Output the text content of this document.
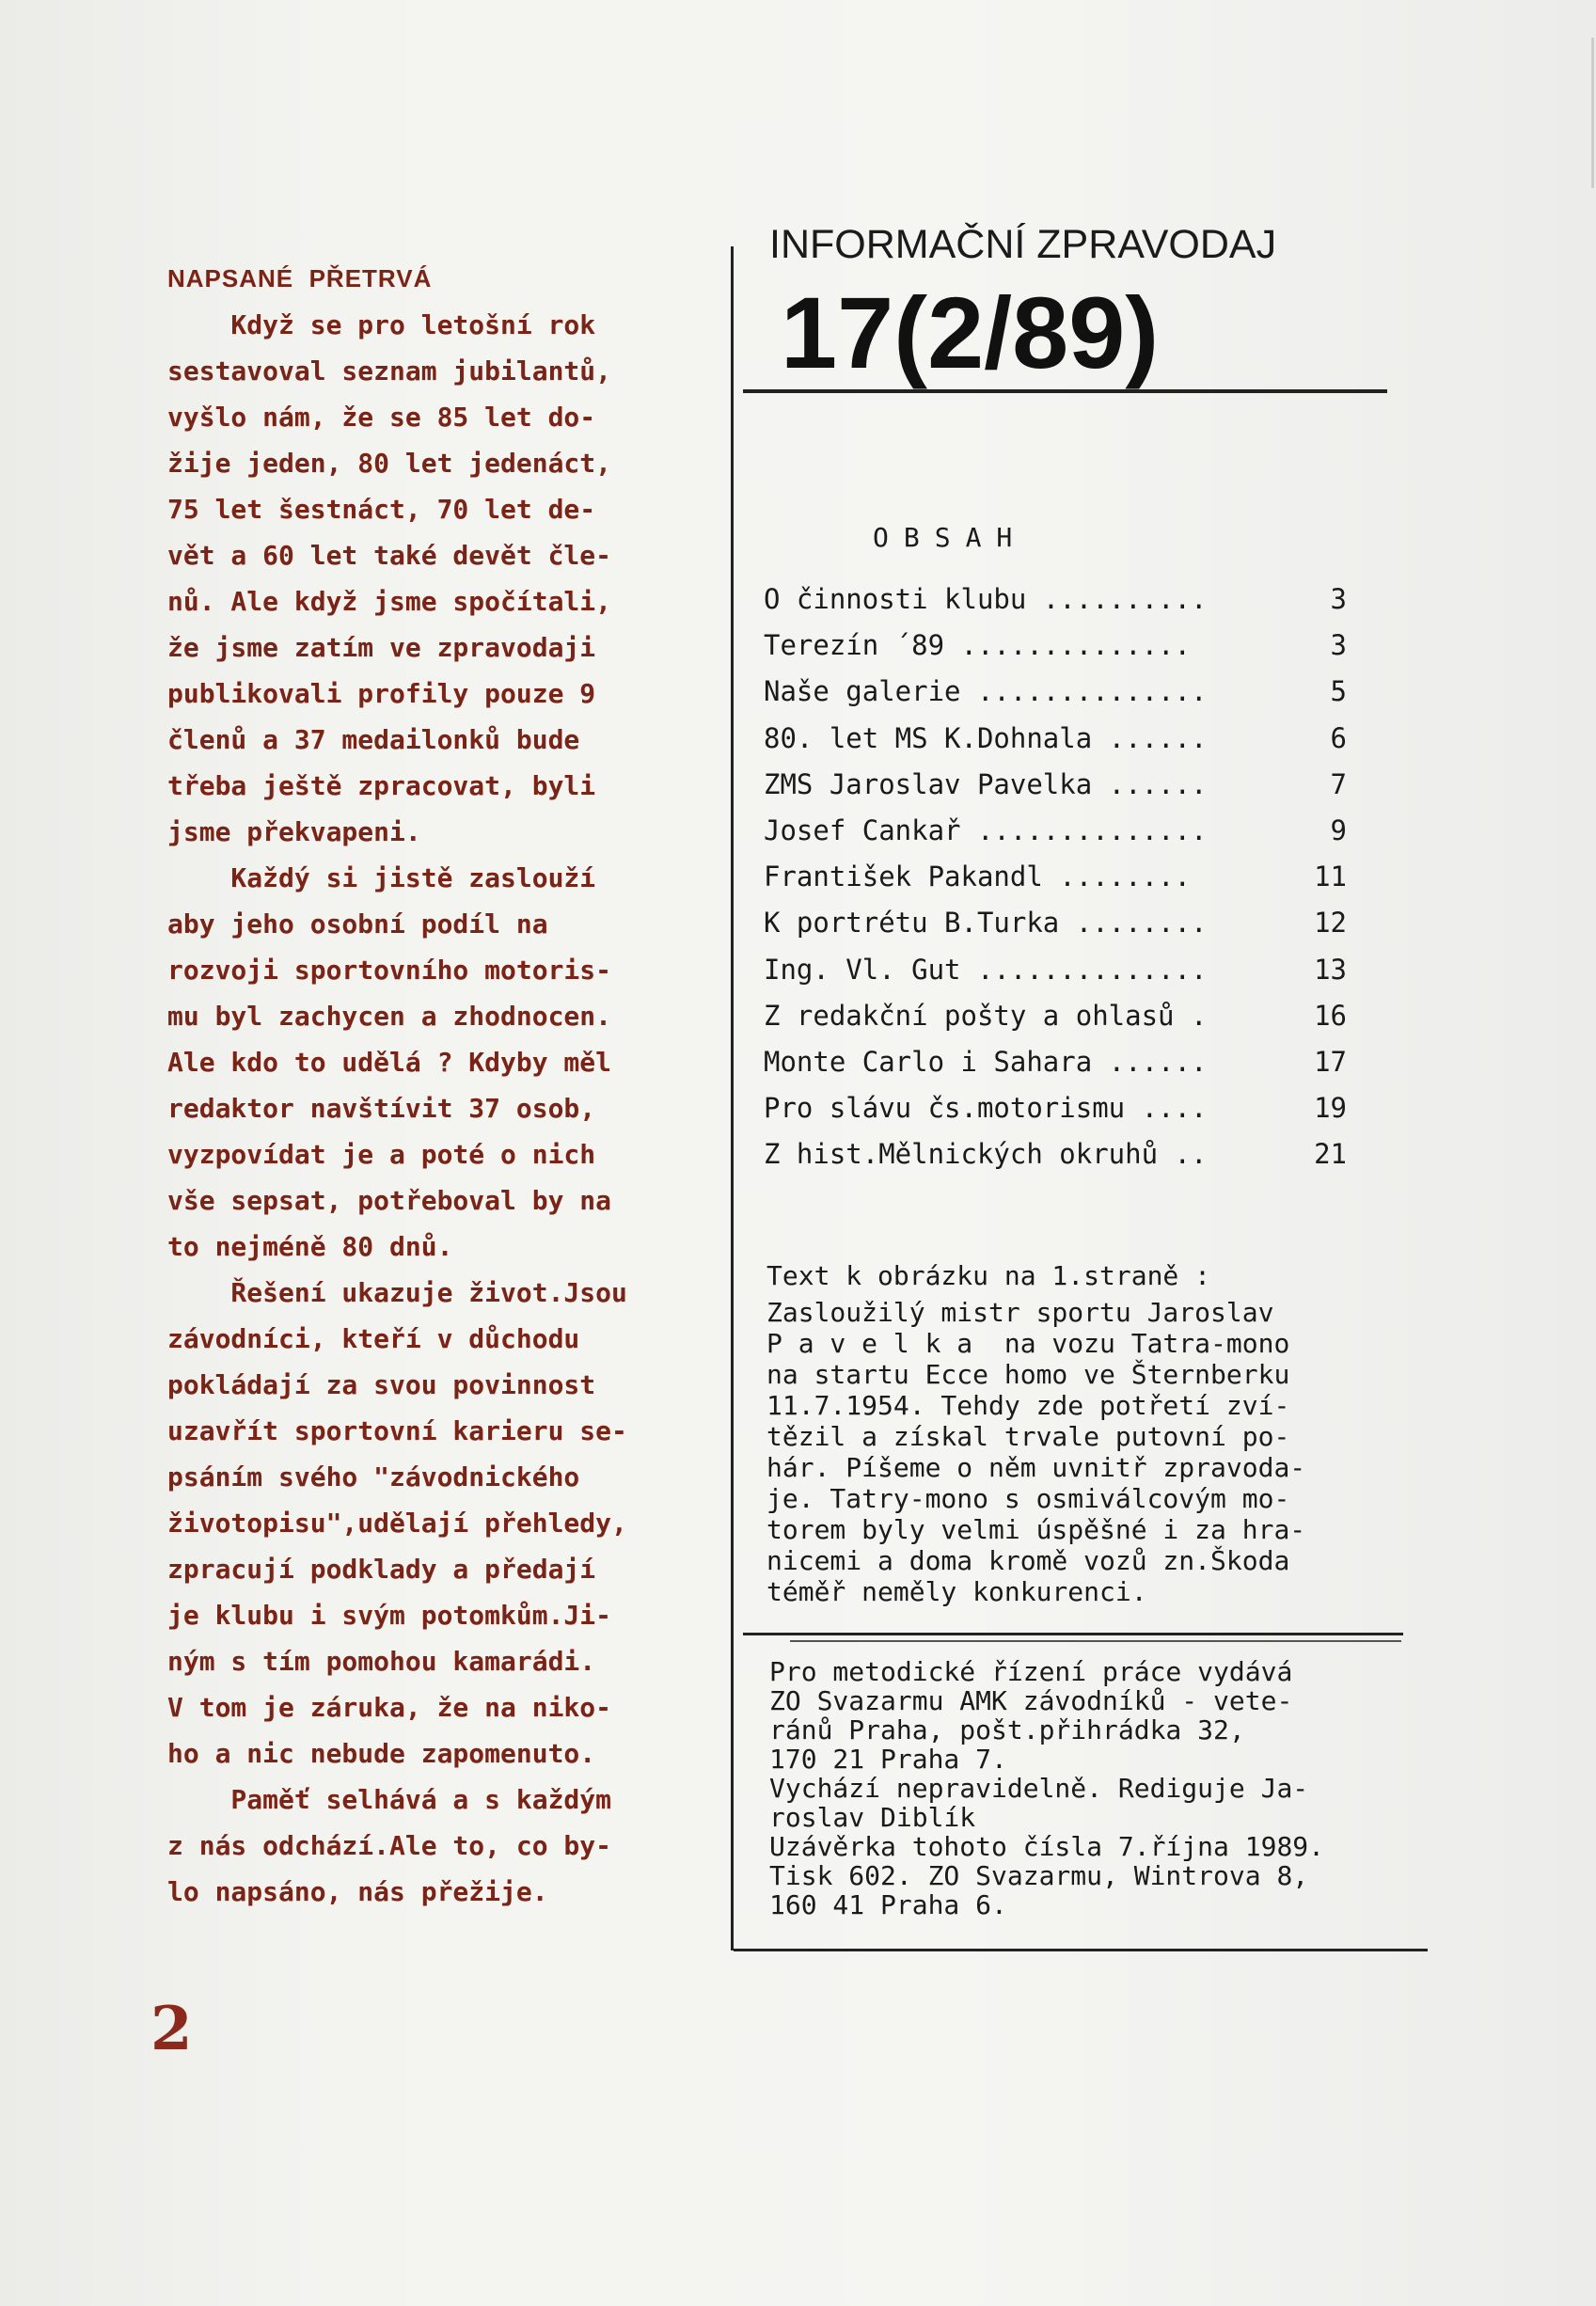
NAPSANÉ  PŘETRVÁ

Když se pro letošní rok

sestavoval seznam jubilantů,

vyšlo nám, že se 85 let do-

žije jeden, 80 let jedenáct,

75 let šestnáct, 70 let de-

vět a 60 let také devět čle-

nů. Ale když jsme spočítali,

že jsme zatím ve zpravodaji

publikovali profily pouze 9

členů a 37 medailonků bude

třeba ještě zpracovat, byli

jsme překvapeni.

Každý si jistě zaslouží

aby jeho osobní podíl na

rozvoji sportovního motoris-

mu byl zachycen a zhodnocen.

Ale kdo to udělá ? Kdyby měl

redaktor navštívit 37 osob,

vyzpovídat je a poté o nich

vše sepsat, potřeboval by na

to nejméně 80 dnů.

Řešení ukazuje život.Jsou

závodníci, kteří v důchodu

pokládají za svou povinnost

uzavřít sportovní karieru se-

psáním svého "závodnického

životopisu",udělají přehledy,

zpracují podklady a předají

je klubu i svým potomkům.Ji-

ným s tím pomohou kamarádi.

V tom je záruka, že na niko-

ho a nic nebude zapomenuto.

Paměť selhává a s každým

z nás odchází.Ale to, co by-

lo napsáno, nás přežije.

2
INFORMAČNÍ ZPRAVODAJ
17(2/89)
OBSAH
O činnosti klubu ..........	3
Terezín ´89 ..............	3
Naše galerie ..............	5
80. let MS K.Dohnala ......	6
ZMS Jaroslav Pavelka ......	7
Josef Cankař ..............	9
František Pakandl ........	11
K portrétu B.Turka ........	12
Ing. Vl. Gut ..............	13
Z redakční pošty a ohlasů .	16
Monte Carlo i Sahara ......	17
Pro slávu čs.motorismu ....	19
Z hist.Mělnických okruhů ..	21
Text k obrázku na 1.straně :
Zasloužilý mistr sportu Jaroslav
P a v e l k a  na vozu Tatra-mono
na startu Ecce homo ve Šternberku
11.7.1954. Tehdy zde potřetí zví-
tězil a získal trvale putovní po-
hár. Píšeme o něm uvnitř zpravoda-
je. Tatry-mono s osmiválcovým mo-
torem byly velmi úspěšné i za hra-
nicemi a doma kromě vozů zn.Škoda
téměř neměly konkurenci.
Pro metodické řízení práce vydává
ZO Svazarmu AMK závodníků - vete-
ránů Praha, pošt.přihrádka 32,
170 21 Praha 7.
Vychází nepravidelně. Rediguje Ja-
roslav Diblík
Uzávěrka tohoto čísla 7.října 1989.
Tisk 602. ZO Svazarmu, Wintrova 8,
160 41 Praha 6.
